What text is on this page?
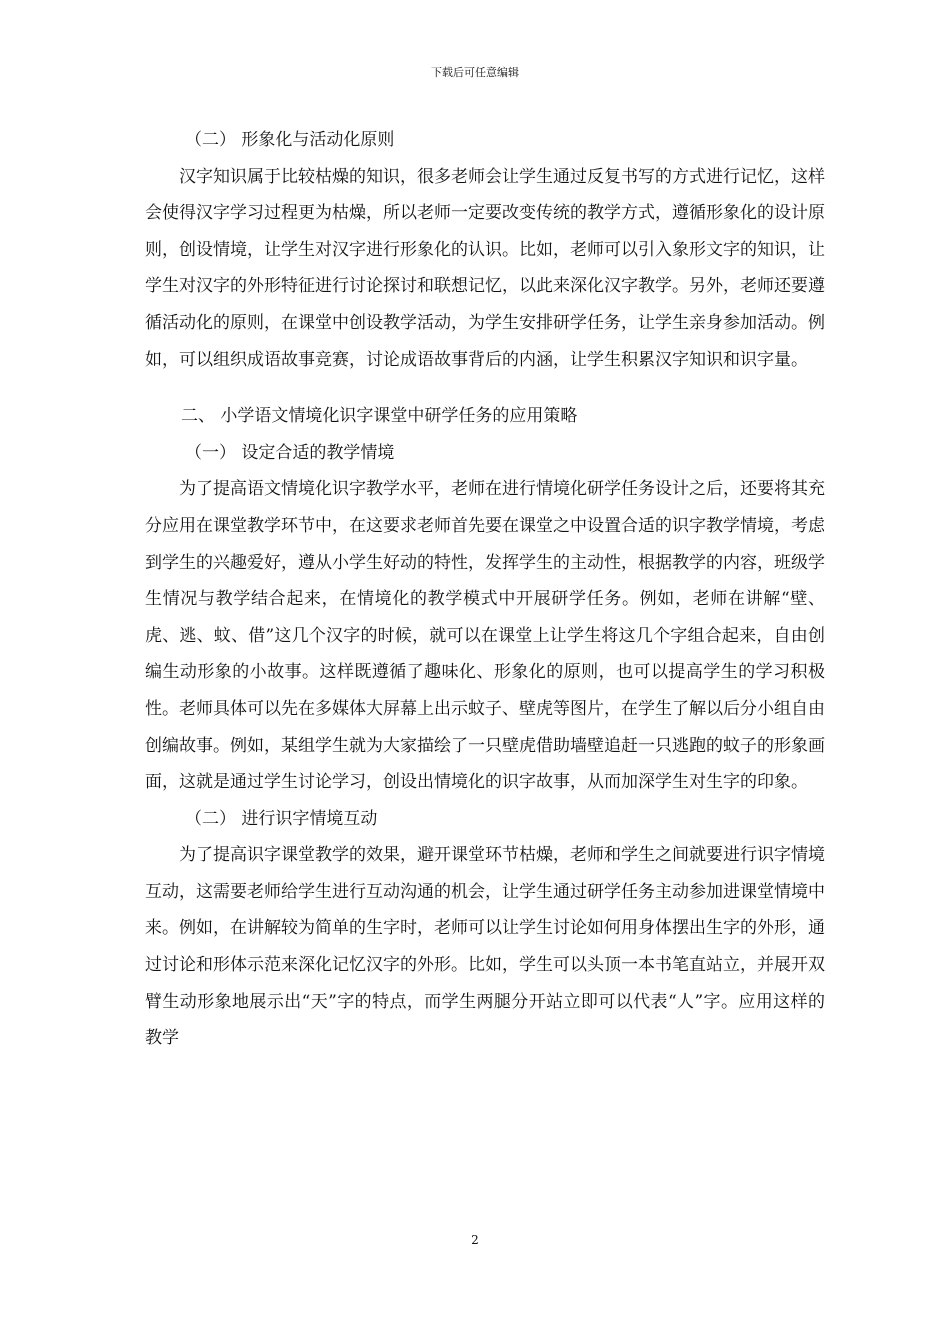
下载后可任意编辑

（二） 形象化与活动化原则

汉字知识属于比较枯燥的知识，很多老师会让学生通过反复书写的方式进行记忆，这样会使得汉字学习过程更为枯燥，所以老师一定要改变传统的教学方式，遵循形象化的设计原则，创设情境，让学生对汉字进行形象化的认识。比如，老师可以引入象形文字的知识，让学生对汉字的外形特征进行讨论探讨和联想记忆，以此来深化汉字教学。另外，老师还要遵循活动化的原则，在课堂中创设教学活动，为学生安排研学任务，让学生亲身参加活动。例如，可以组织成语故事竞赛，讨论成语故事背后的内涵，让学生积累汉字知识和识字量。

二、 小学语文情境化识字课堂中研学任务的应用策略

（一） 设定合适的教学情境

为了提高语文情境化识字教学水平，老师在进行情境化研学任务设计之后，还要将其充分应用在课堂教学环节中，在这要求老师首先要在课堂之中设置合适的识字教学情境，考虑到学生的兴趣爱好，遵从小学生好动的特性，发挥学生的主动性，根据教学的内容，班级学生情况与教学结合起来，在情境化的教学模式中开展研学任务。例如，老师在讲解“壁、虎、逃、蚊、借”这几个汉字的时候，就可以在课堂上让学生将这几个字组合起来，自由创编生动形象的小故事。这样既遵循了趣味化、形象化的原则，也可以提高学生的学习积极性。老师具体可以先在多媒体大屏幕上出示蚊子、壁虎等图片，在学生了解以后分小组自由创编故事。例如，某组学生就为大家描绘了一只壁虎借助墙壁追赶一只逃跑的蚊子的形象画面，这就是通过学生讨论学习，创设出情境化的识字故事，从而加深学生对生字的印象。

（二） 进行识字情境互动

为了提高识字课堂教学的效果，避开课堂环节枯燥，老师和学生之间就要进行识字情境互动，这需要老师给学生进行互动沟通的机会，让学生通过研学任务主动参加进课堂情境中来。例如，在讲解较为简单的生字时，老师可以让学生讨论如何用身体摆出生字的外形，通过讨论和形体示范来深化记忆汉字的外形。比如，学生可以头顶一本书笔直站立，并展开双臂生动形象地展示出“天”字的特点，而学生两腿分开站立即可以代表“人”字。应用这样的教学

2
